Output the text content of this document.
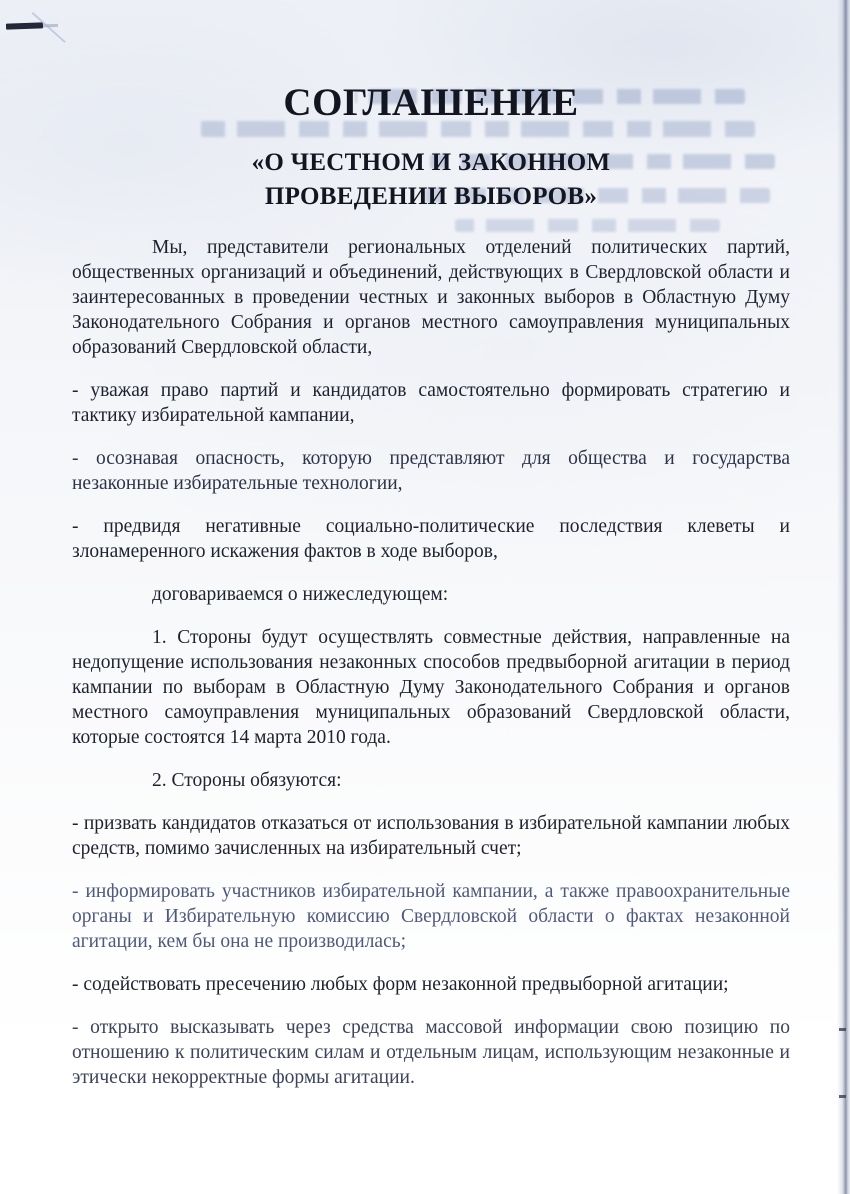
СОГЛАШЕНИЕ
«О ЧЕСТНОМ И ЗАКОННОМ
ПРОВЕДЕНИИ ВЫБОРОВ»

Мы, представители региональных отделений политических партий, общественных организаций и объединений, действующих в Свердловской области и заинтересованных в проведении честных и законных выборов в Областную Думу Законодательного Собрания и органов местного самоуправления муниципальных образований Свердловской области,

- уважая право партий и кандидатов самостоятельно формировать стратегию и тактику избирательной кампании,

- осознавая опасность, которую представляют для общества и государства незаконные избирательные технологии,

- предвидя негативные социально-политические последствия клеветы и злонамеренного искажения фактов в ходе выборов,

договариваемся о нижеследующем:

1. Стороны будут осуществлять совместные действия, направленные на недопущение использования незаконных способов предвыборной агитации в период кампании по выборам в Областную Думу Законодательного Собрания и органов местного самоуправления муниципальных образований Свердловской области, которые состоятся 14 марта 2010 года.

2. Стороны обязуются:

- призвать кандидатов отказаться от использования в избирательной кампании любых средств, помимо зачисленных на избирательный счет;

- информировать участников избирательной кампании, а также правоохранительные органы и Избирательную комиссию Свердловской области о фактах незаконной агитации, кем бы она не производилась;

- содействовать пресечению любых форм незаконной предвыборной агитации;

- открыто высказывать через средства массовой информации свою позицию по отношению к политическим силам и отдельным лицам, использующим незаконные и этически некорректные формы агитации.
